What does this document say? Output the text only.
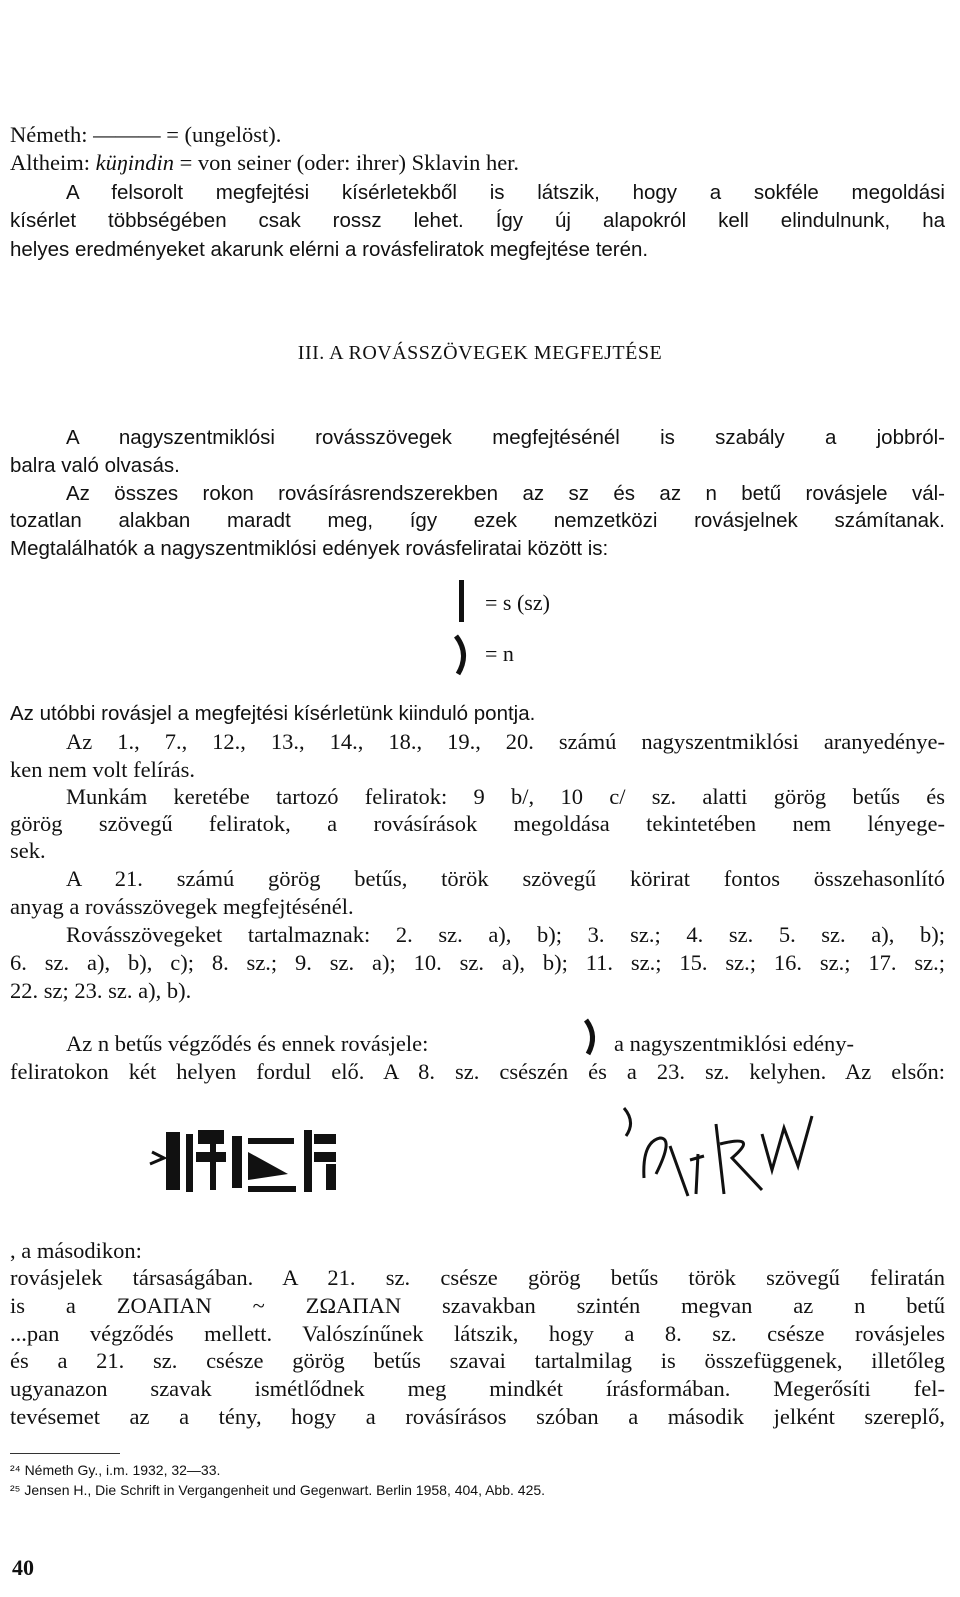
Németh: ——— = (ungelöst).
Altheim: küŋindin = von seiner (oder: ihrer) Sklavin her.
A felsorolt megfejtési kísérletekből is látszik, hogy a sokféle megoldási
kísérlet többségében csak rossz lehet. Így új alapokról kell elindulnunk, ha
helyes eredményeket akarunk elérni a rovásfeliratok megfejtése terén.
III. A ROVÁSSZÖVEGEK MEGFEJTÉSE
A nagyszentmiklósi rovásszövegek megfejtésénél is szabály a jobbról-
balra való olvasás.
Az összes rokon rovásírásrendszerekben az sz és az n betű rovásjele vál-
tozatlan alakban maradt meg, így ezek nemzetközi rovásjelnek számítanak.
Megtalálhatók a nagyszentmiklósi edények rovásfeliratai között is:
= s (sz)
= n
Az utóbbi rovásjel a megfejtési kísérletünk kiinduló pontja.
Az 1., 7., 12., 13., 14., 18., 19., 20. számú nagyszentmiklósi aranyedénye-
ken nem volt felírás.
Munkám keretébe tartozó feliratok: 9 b/, 10 c/ sz. alatti görög betűs és
görög szövegű feliratok, a rovásírások megoldása tekintetében nem lényege-
sek.
A 21. számú görög betűs, török szövegű körirat fontos összehasonlító
anyag a rovásszövegek megfejtésénél.
Rovásszövegeket tartalmaznak: 2. sz. a), b); 3. sz.; 4. sz. 5. sz. a), b);
6. sz. a), b), c); 8. sz.; 9. sz. a); 10. sz. a), b); 11. sz.; 15. sz.; 16. sz.; 17. sz.;
22. sz; 23. sz. a), b).
Az n betűs végződés és ennek rovásjele:	a nagyszentmiklósi edény-
feliratokon két helyen fordul elő. A 8. sz. csészén és a 23. sz. kelyhen. Az elsőn:
, a másodikon:
rovásjelek társaságában. A 21. sz. csésze görög betűs török szövegű feliratán
is a ZOAΠAN ~ ZΩAΠAN szavakban szintén megvan az n betű
...pan végződés mellett. Valószínűnek látszik, hogy a 8. sz. csésze rovásjeles
és a 21. sz. csésze görög betűs szavai tartalmilag is összefüggenek, illetőleg
ugyanazon szavak ismétlődnek meg mindkét írásformában. Megerősíti fel-
tevésemet az a tény, hogy a rovásírásos szóban a második jelként szereplő,
²⁴ Németh Gy., i.m. 1932, 32—33.
²⁵ Jensen H., Die Schrift in Vergangenheit und Gegenwart. Berlin 1958, 404, Abb. 425.
40
